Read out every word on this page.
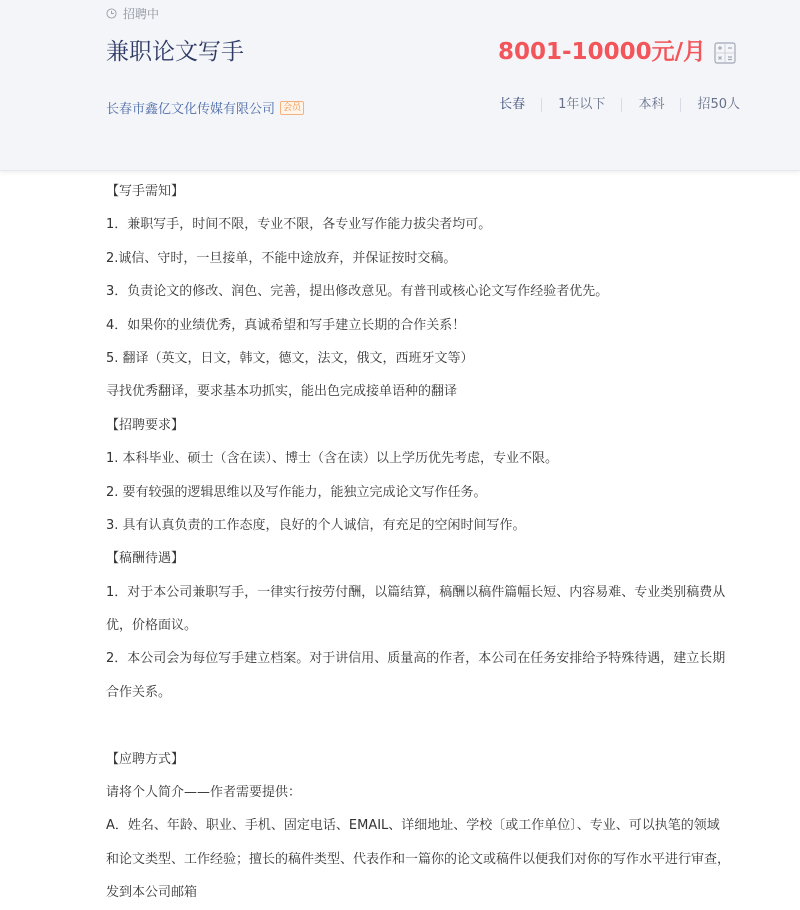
招聘中
兼职论文写手	8001-10000元/月
长春市鑫亿文化传媒有限公司 会员	长春	1年以下	本科	招50人
【写手需知】
1．兼职写手，时间不限，专业不限，各专业写作能力拔尖者均可。
2.诚信、守时，一旦接单，不能中途放弃，并保证按时交稿。
3．负责论文的修改、润色、完善，提出修改意见。有普刊或核心论文写作经验者优先。
4．如果你的业绩优秀，真诚希望和写手建立长期的合作关系！
5. 翻译（英文，日文，韩文，德文，法文，俄文，西班牙文等）
寻找优秀翻译，要求基本功抓实，能出色完成接单语种的翻译
【招聘要求】
1. 本科毕业、硕士（含在读）、博士（含在读）以上学历优先考虑，专业不限。
2. 要有较强的逻辑思维以及写作能力，能独立完成论文写作任务。
3. 具有认真负责的工作态度，良好的个人诚信，有充足的空闲时间写作。
【稿酬待遇】
1．对于本公司兼职写手，一律实行按劳付酬，以篇结算，稿酬以稿件篇幅长短、内容易难、专业类别稿费从
优，价格面议。
2．本公司会为每位写手建立档案。对于讲信用、质量高的作者，本公司在任务安排给予特殊待遇，建立长期
合作关系。
【应聘方式】
请将个人简介——作者需要提供：
A．姓名、年龄、职业、手机、固定电话、EMAIL、详细地址、学校〔或工作单位〕、专业、可以执笔的领域
和论文类型、工作经验；擅长的稿件类型、代表作和一篇你的论文或稿件以便我们对你的写作水平进行审查，
发到本公司邮箱
